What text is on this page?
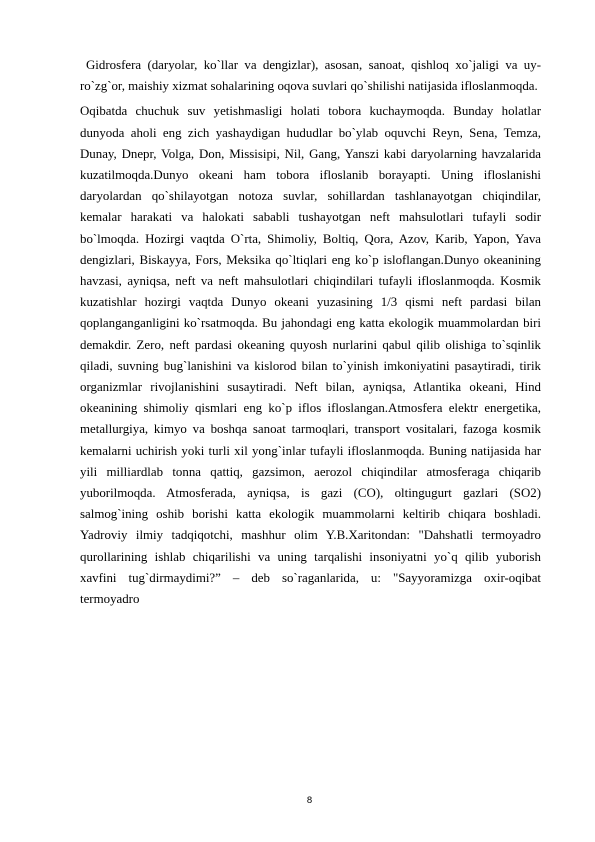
Gidrosfera (daryolar, ko`llar va dengizlar), asosan, sanoat, qishloq xo`jaligi va uy-ro`zg`or, maishiy xizmat sohalarining oqova suvlari qo`shilishi natijasida ifloslanmoqda.

Oqibatda chuchuk suv yetishmasligi holati tobora kuchaymoqda. Bunday holatlar dunyoda aholi eng zich yashaydigan hududlar bo`ylab oquvchi Reyn, Sena, Temza, Dunay, Dnepr, Volga, Don, Missisipi, Nil, Gang, Yanszi kabi daryolarning havzalarida kuzatilmoqda.Dunyo okeani ham tobora ifloslanib borayapti. Uning ifloslanishi daryolardan qo`shilayotgan notoza suvlar, sohillardan tashlanayotgan chiqindilar, kemalar harakati va halokati sababli tushayotgan neft mahsulotlari tufayli sodir bo`lmoqda. Hozirgi vaqtda O`rta, Shimoliy, Boltiq, Qora, Azov, Karib, Yapon, Yava dengizlari, Biskayya, Fors, Meksika qo`ltiqlari eng ko`p isloflangan.Dunyo okeanining havzasi, ayniqsa, neft va neft mahsulotlari chiqindilari tufayli ifloslanmoqda. Kosmik kuzatishlar hozirgi vaqtda Dunyo okeani yuzasining 1/3 qismi neft pardasi bilan qoplanganganligini ko`rsatmoqda. Bu jahondagi eng katta ekologik muammolardan biri demakdir. Zero, neft pardasi okeaning quyosh nurlarini qabul qilib olishiga to`sqinlik qiladi, suvning bug`lanishini va kislorod bilan to`yinish imkoniyatini pasaytiradi, tirik organizmlar rivojlanishini susaytiradi. Neft bilan, ayniqsa, Atlantika okeani, Hind okeanining shimoliy qismlari eng ko`p iflos ifloslangan.Atmosfera elektr energetika, metallurgiya, kimyo va boshqa sanoat tarmoqlari, transport vositalari, fazoga kosmik kemalarni uchirish yoki turli xil yong`inlar tufayli ifloslanmoqda. Buning natijasida har yili milliardlab tonna qattiq, gazsimon, aerozol chiqindilar atmosferaga chiqarib yuborilmoqda. Atmosferada, ayniqsa, is gazi (CO), oltingugurt gazlari (SO2) salmog`ining oshib borishi katta ekologik muammolarni keltirib chiqara boshladi. Yadroviy ilmiy tadqiqotchi, mashhur olim Y.B.Xaritondan: "Dahshatli termoyadro qurollarining ishlab chiqarilishi va uning tarqalishi insoniyatni yo`q qilib yuborish xavfini tug`dirmaydimi?” – deb so`raganlarida, u: "Sayyoramizga oxir-oqibat termoyadro

8
